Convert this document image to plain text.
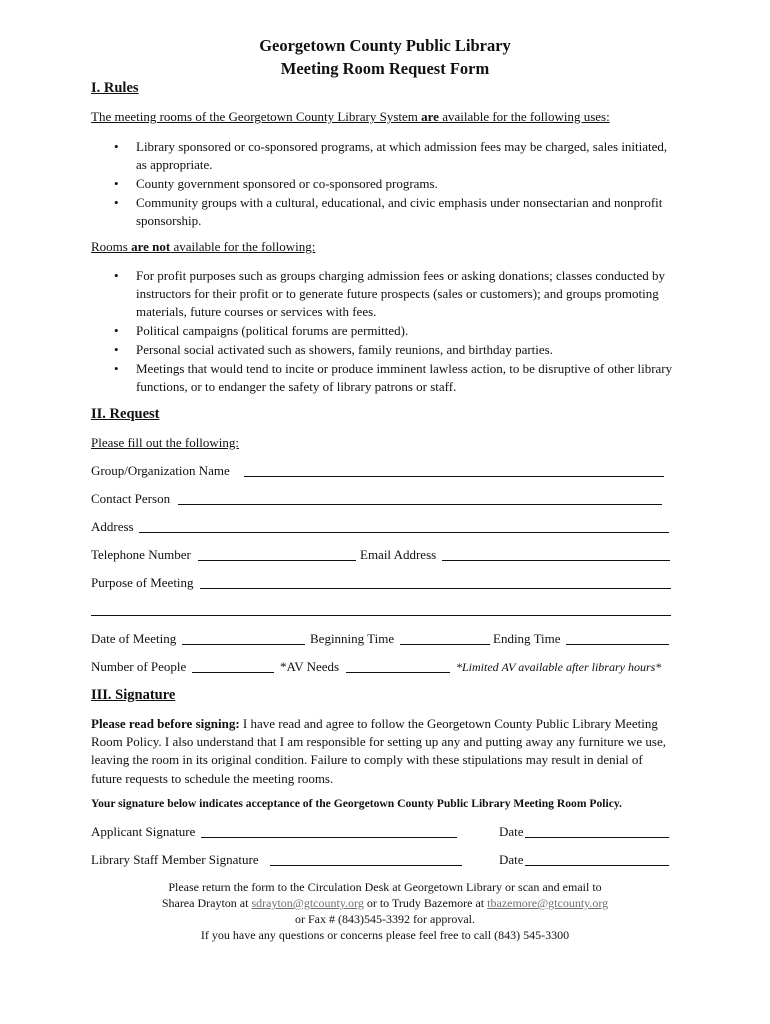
Georgetown County Public Library
Meeting Room Request Form
I. Rules
The meeting rooms of the Georgetown County Library System are available for the following uses:
• Library sponsored or co-sponsored programs, at which admission fees may be charged, sales initiated, as appropriate.
• County government sponsored or co-sponsored programs.
• Community groups with a cultural, educational, and civic emphasis under nonsectarian and nonprofit sponsorship.
Rooms are not available for the following:
• For profit purposes such as groups charging admission fees or asking donations; classes conducted by instructors for their profit or to generate future prospects (sales or customers); and groups promoting materials, future courses or services with fees.
• Political campaigns (political forums are permitted).
• Personal social activated such as showers, family reunions, and birthday parties.
• Meetings that would tend to incite or produce imminent lawless action, to be disruptive of other library functions, or to endanger the safety of library patrons or staff.
II. Request
Please fill out the following:
Group/Organization Name
Contact Person
Address
Telephone Number	Email Address
Purpose of Meeting
Date of Meeting	Beginning Time	Ending Time
Number of People	*AV Needs	*Limited AV available after library hours*
III. Signature
Please read before signing: I have read and agree to follow the Georgetown County Public Library Meeting Room Policy. I also understand that I am responsible for setting up any and putting away any furniture we use, leaving the room in its original condition. Failure to comply with these stipulations may result in denial of future requests to schedule the meeting rooms.
Your signature below indicates acceptance of the Georgetown County Public Library Meeting Room Policy.
Applicant Signature	Date
Library Staff Member Signature	Date
Please return the form to the Circulation Desk at Georgetown Library or scan and email to
Sharea Drayton at sdrayton@gtcounty.org or to Trudy Bazemore at tbazemore@gtcounty.org
or Fax # (843)545-3392 for approval.
If you have any questions or concerns please feel free to call (843) 545-3300
